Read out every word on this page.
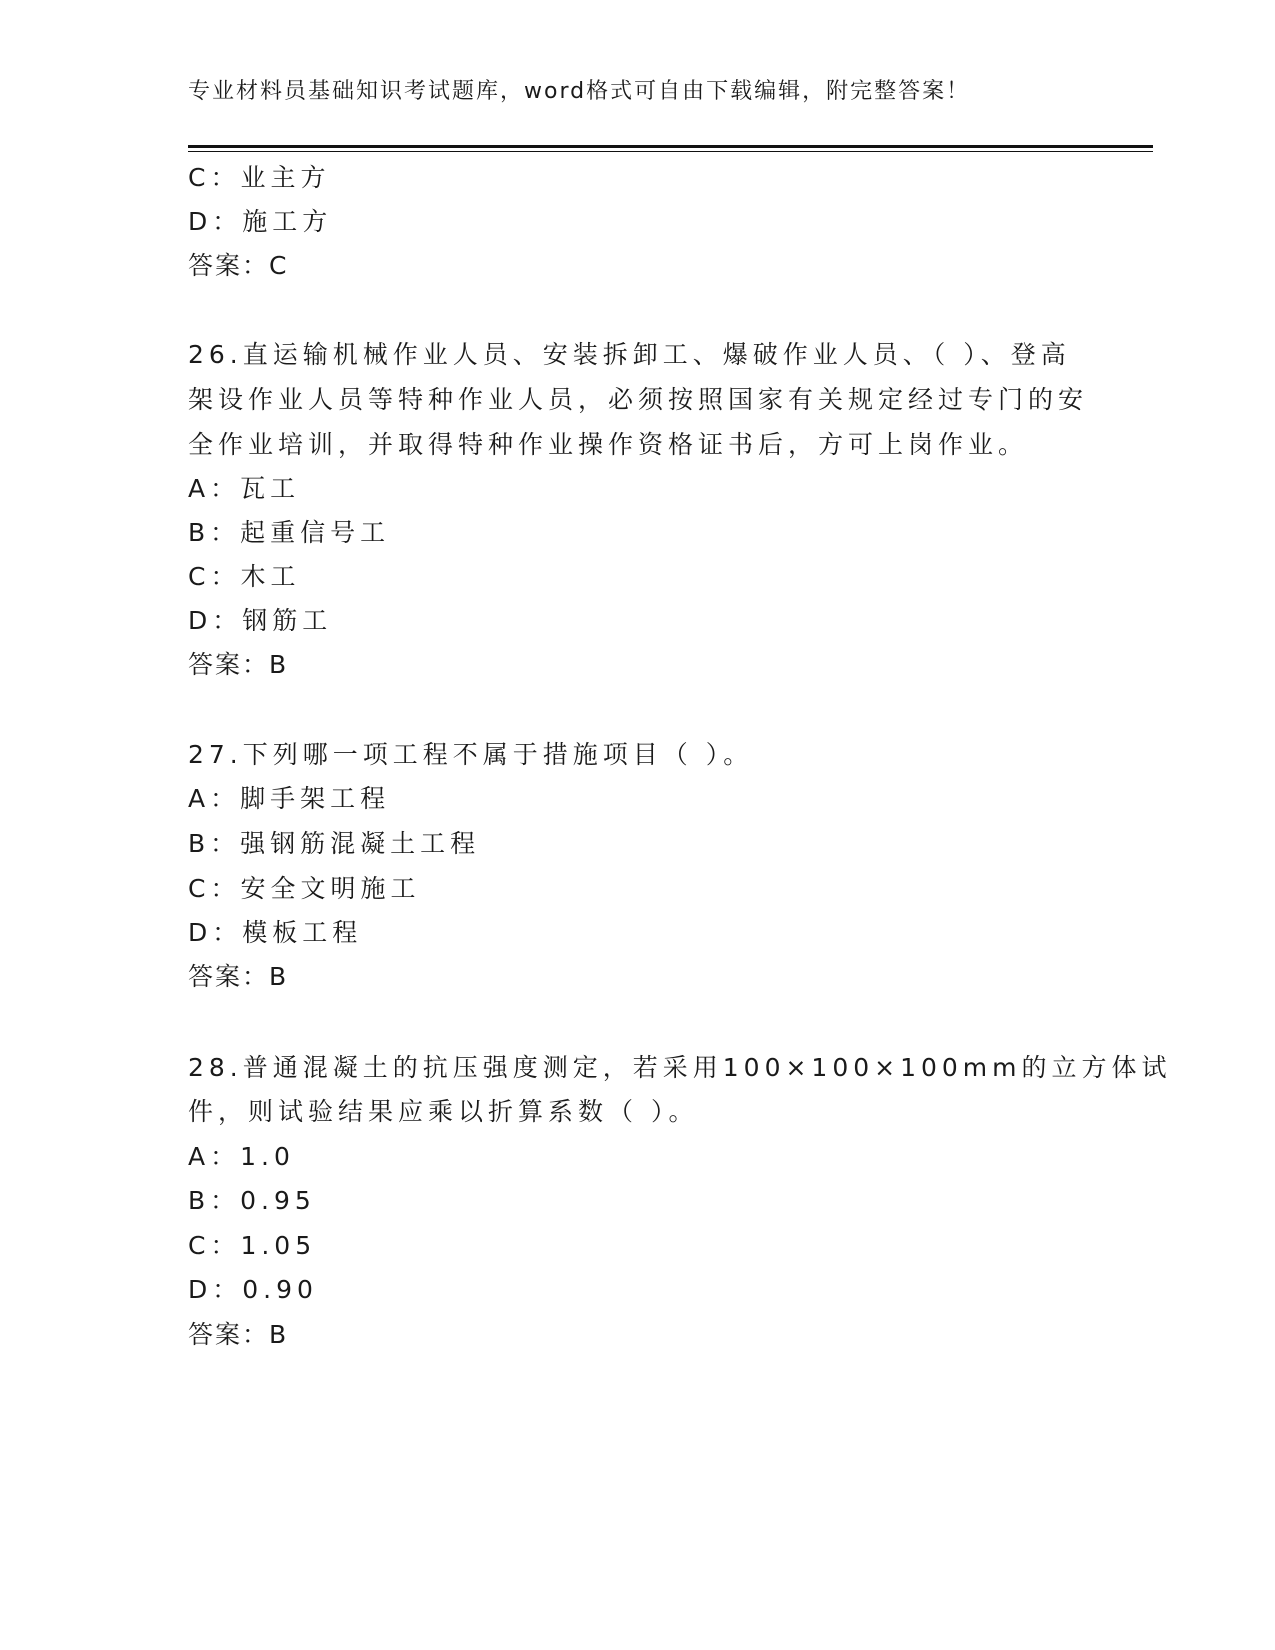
专业材料员基础知识考试题库，word格式可自由下载编辑，附完整答案！
C：业主方
D：施工方
答案：C
26.直运输机械作业人员、安装拆卸工、爆破作业人员、（ ）、登高
架设作业人员等特种作业人员，必须按照国家有关规定经过专门的安
全作业培训，并取得特种作业操作资格证书后，方可上岗作业。
A：瓦工
B：起重信号工
C：木工
D：钢筋工
答案：B
27.下列哪一项工程不属于措施项目（ ）。
A：脚手架工程
B：强钢筋混凝土工程
C：安全文明施工
D：模板工程
答案：B
28.普通混凝土的抗压强度测定，若采用100×100×100mm的立方体试
件，则试验结果应乘以折算系数（ ）。
A：1.0
B：0.95
C：1.05
D：0.90
答案：B
